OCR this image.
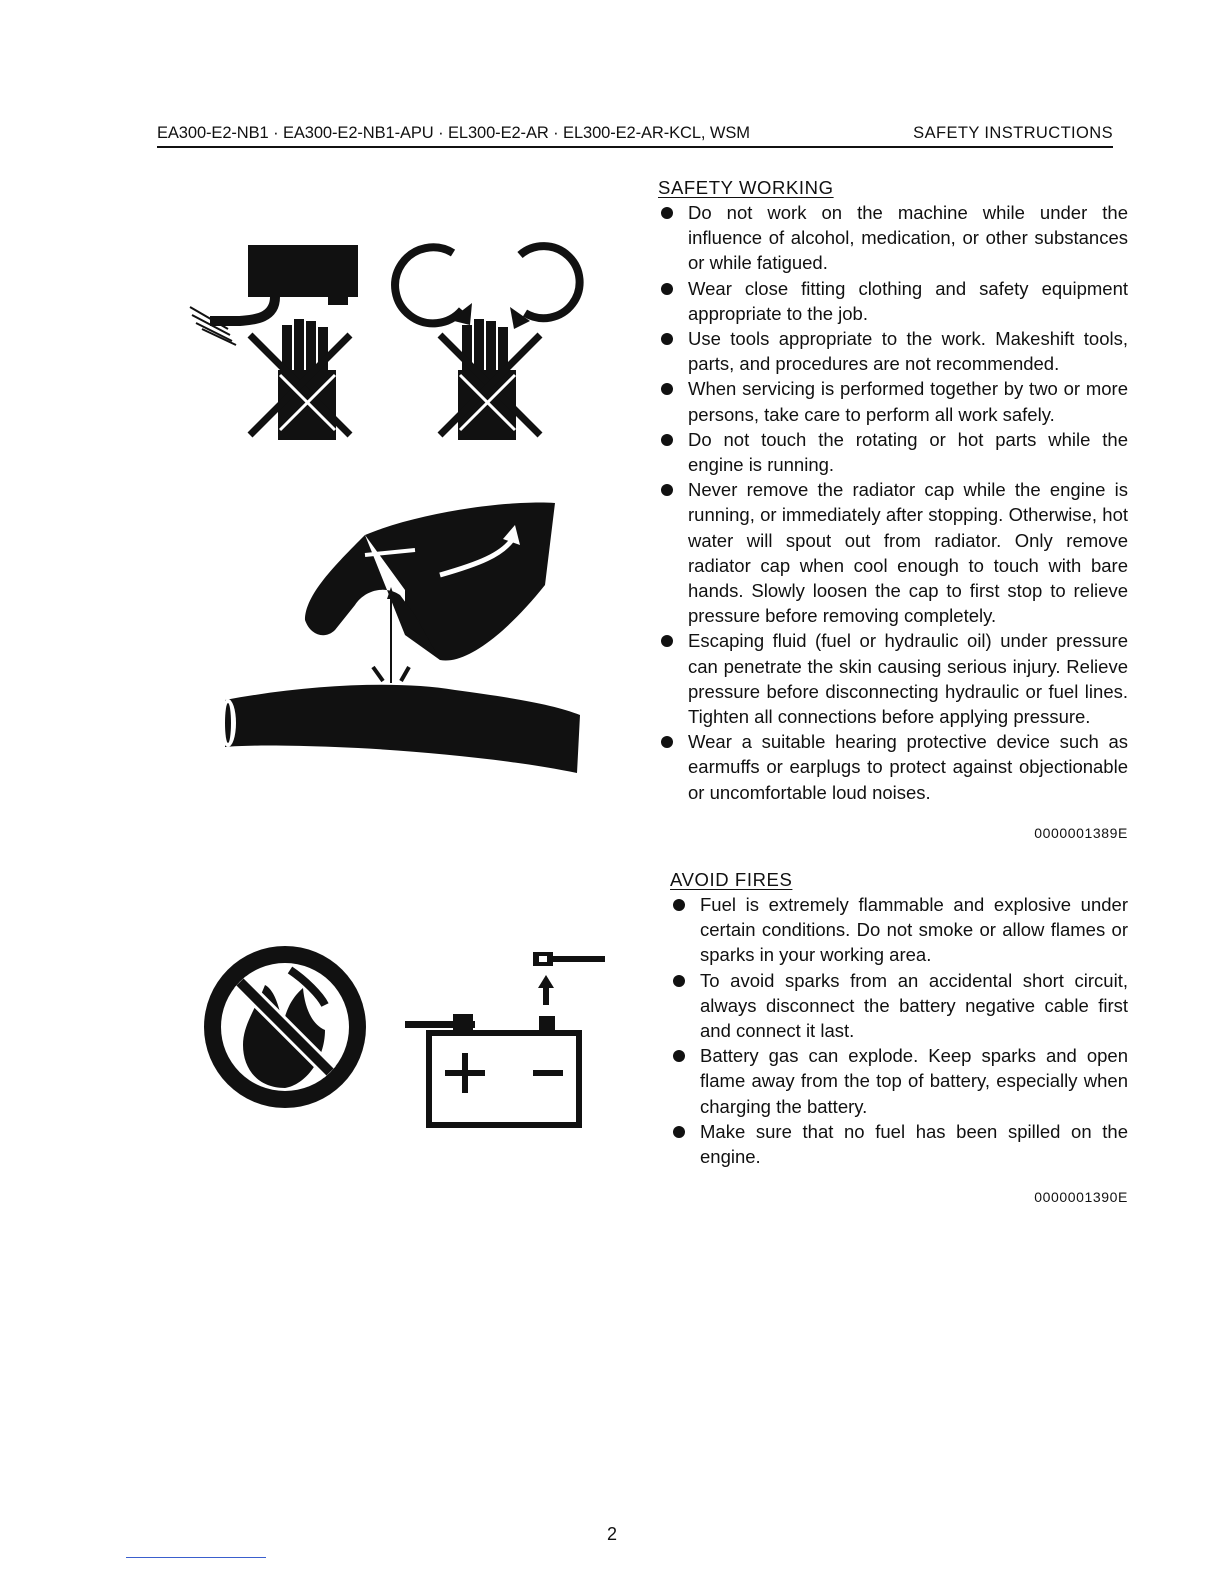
EA300-E2-NB1 · EA300-E2-NB1-APU · EL300-E2-AR · EL300-E2-AR-KCL, WSM	SAFETY INSTRUCTIONS
SAFETY WORKING
Do not work on the machine while under the influence of alcohol, medication, or other substances or while fatigued.
Wear close fitting clothing and safety equipment appropriate to the job.
Use tools appropriate to the work. Makeshift tools, parts, and procedures are not recommended.
When servicing is performed together by two or more persons, take care to perform all work safely.
Do not touch the rotating or hot parts while the engine is running.
Never remove the radiator cap while the engine is running, or immediately after stopping. Otherwise, hot water will spout out from radiator. Only remove radiator cap when cool enough to touch with bare hands. Slowly loosen the cap to first stop to relieve pressure before removing completely.
Escaping fluid (fuel or hydraulic oil) under pressure can penetrate the skin causing serious injury. Relieve pressure before disconnecting hydraulic or fuel lines. Tighten all connections before applying pressure.
Wear a suitable hearing protective device such as earmuffs or earplugs to protect against objectionable or uncomfortable loud noises.
0000001389E
AVOID FIRES
Fuel is extremely flammable and explosive under certain conditions. Do not smoke or allow flames or sparks in your working area.
To avoid sparks from an accidental short circuit, always disconnect the battery negative cable first and connect it last.
Battery gas can explode. Keep sparks and open flame away from the top of battery, especially when charging the battery.
Make sure that no fuel has been spilled on the engine.
0000001390E
2
